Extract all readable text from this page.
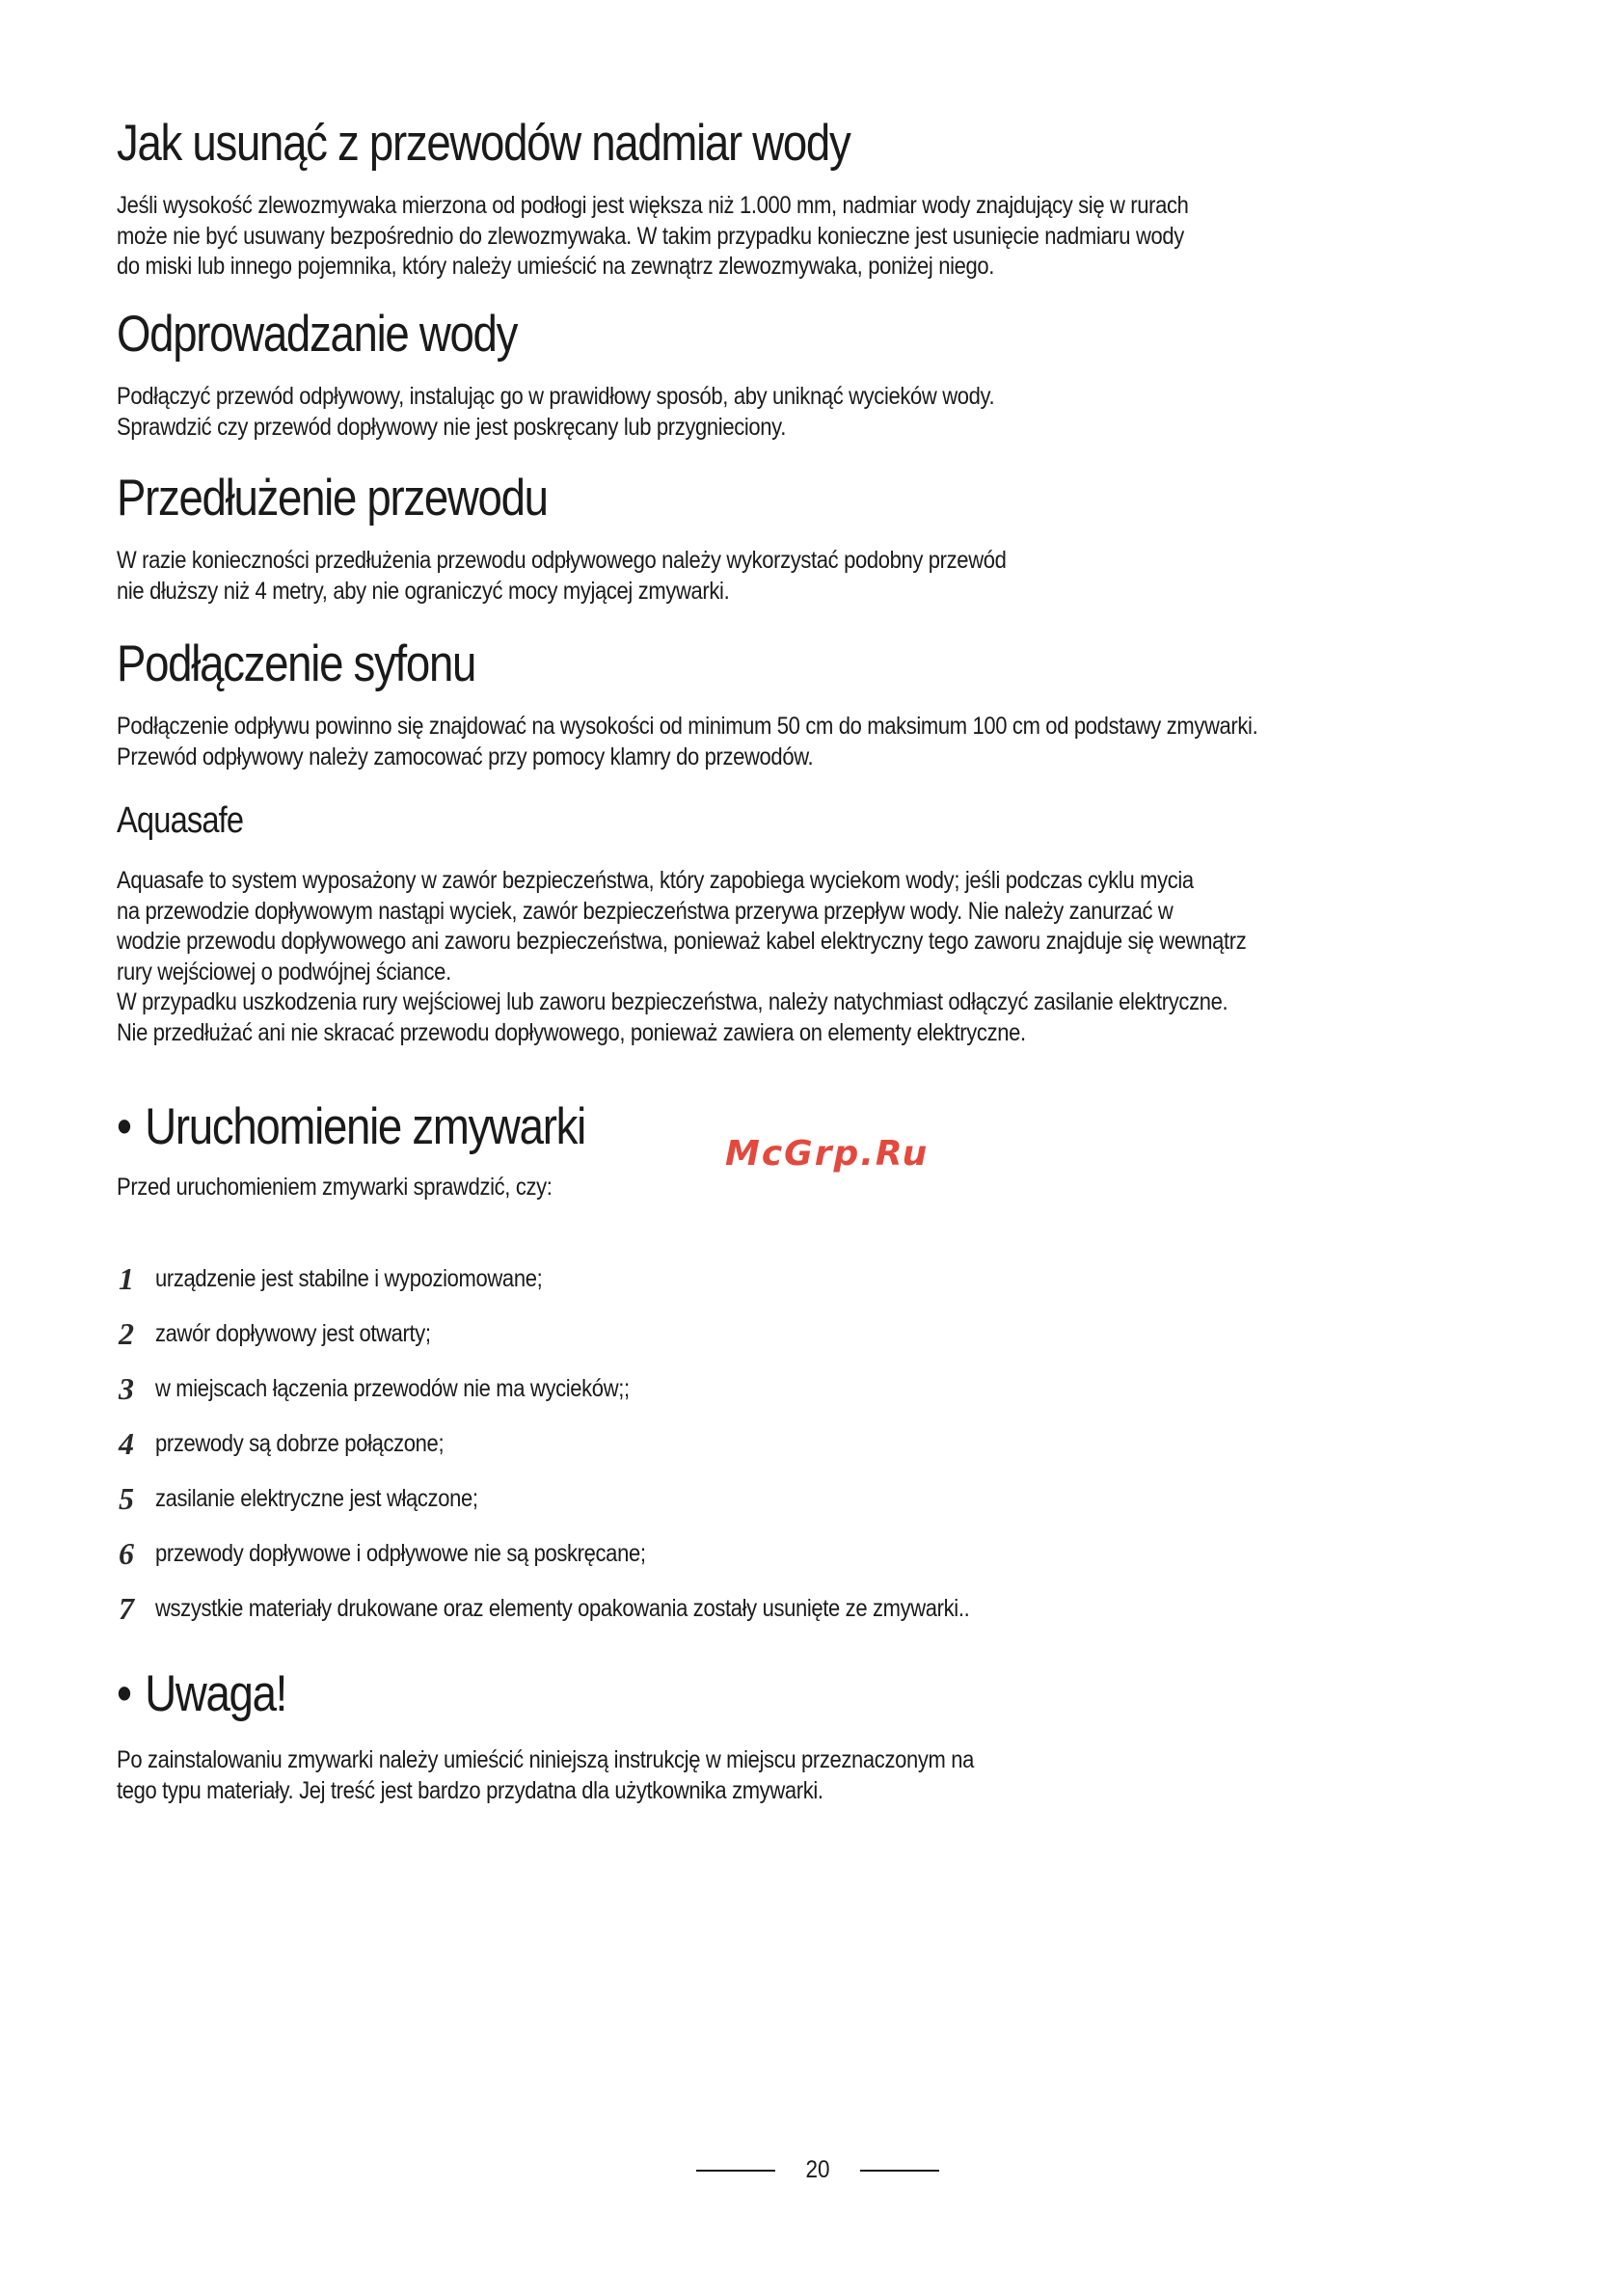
Jak usunąć z przewodów nadmiar wody

Jeśli wysokość zlewozmywaka mierzona od podłogi jest większa niż 1.000 mm, nadmiar wody znajdujący się w rurach
może nie być usuwany bezpośrednio do zlewozmywaka. W takim przypadku konieczne jest usunięcie nadmiaru wody
do miski lub innego pojemnika, który należy umieścić na zewnątrz zlewozmywaka, poniżej niego.

Odprowadzanie wody

Podłączyć przewód odpływowy, instalując go w prawidłowy sposób, aby uniknąć wycieków wody.
Sprawdzić czy przewód dopływowy nie jest poskręcany lub przygnieciony.

Przedłużenie przewodu

W razie konieczności przedłużenia przewodu odpływowego należy wykorzystać podobny przewód
nie dłuższy niż 4 metry, aby nie ograniczyć mocy myjącej zmywarki.

Podłączenie syfonu

Podłączenie odpływu powinno się znajdować na wysokości od minimum 50 cm do maksimum 100 cm od podstawy zmywarki.
Przewód odpływowy należy zamocować przy pomocy klamry do przewodów.

Aquasafe

Aquasafe to system wyposażony w zawór bezpieczeństwa, który zapobiega wyciekom wody; jeśli podczas cyklu mycia
na przewodzie dopływowym nastąpi wyciek, zawór bezpieczeństwa przerywa przepływ wody. Nie należy zanurzać w
wodzie przewodu dopływowego ani zaworu bezpieczeństwa, ponieważ kabel elektryczny tego zaworu znajduje się wewnątrz
rury wejściowej o podwójnej ściance.
W przypadku uszkodzenia rury wejściowej lub zaworu bezpieczeństwa, należy natychmiast odłączyć zasilanie elektryczne.
Nie przedłużać ani nie skracać przewodu dopływowego, ponieważ zawiera on elementy elektryczne.

• Uruchomienie zmywarki

Przed uruchomieniem zmywarki sprawdzić, czy:

1 urządzenie jest stabilne i wypoziomowane;
2 zawór dopływowy jest otwarty;
3 w miejscach łączenia przewodów nie ma wycieków;;
4 przewody są dobrze połączone;
5 zasilanie elektryczne jest włączone;
6 przewody dopływowe i odpływowe nie są poskręcane;
7 wszystkie materiały drukowane oraz elementy opakowania zostały usunięte ze zmywarki..
• Uwaga!

Po zainstalowaniu zmywarki należy umieścić niniejszą instrukcję w miejscu przeznaczonym na
tego typu materiały. Jej treść jest bardzo przydatna dla użytkownika zmywarki.

McGrp.Ru
20
